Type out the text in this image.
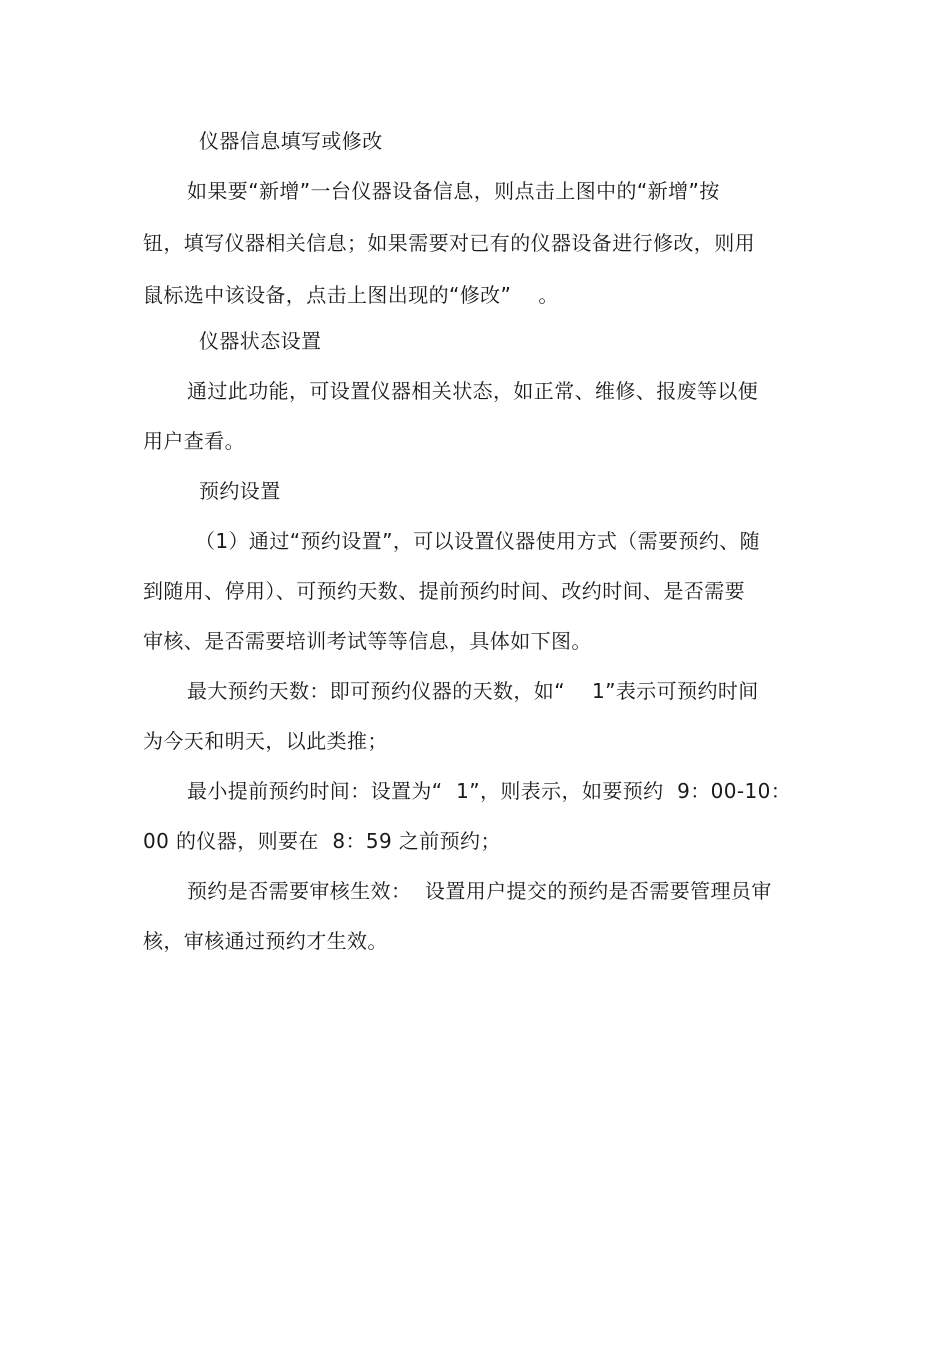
仪器信息填写或修改
如果要“新增”一台仪器设备信息，则点击上图中的“新增”按
钮，填写仪器相关信息；如果需要对已有的仪器设备进行修改，则用
鼠标选中该设备，点击上图出现的“修改”    。
仪器状态设置
通过此功能，可设置仪器相关状态，如正常、维修、报废等以便
用户查看。
预约设置
（1）通过“预约设置”，可以设置仪器使用方式（需要预约、随
到随用、停用）、可预约天数、提前预约时间、改约时间、是否需要
审核、是否需要培训考试等等信息，具体如下图。
最大预约天数：即可预约仪器的天数，如“    1”表示可预约时间
为今天和明天，以此类推；
最小提前预约时间：设置为“  1”，则表示，如要预约  9：00-10：
00 的仪器，则要在  8：59 之前预约；
预约是否需要审核生效：  设置用户提交的预约是否需要管理员审
核，审核通过预约才生效。
